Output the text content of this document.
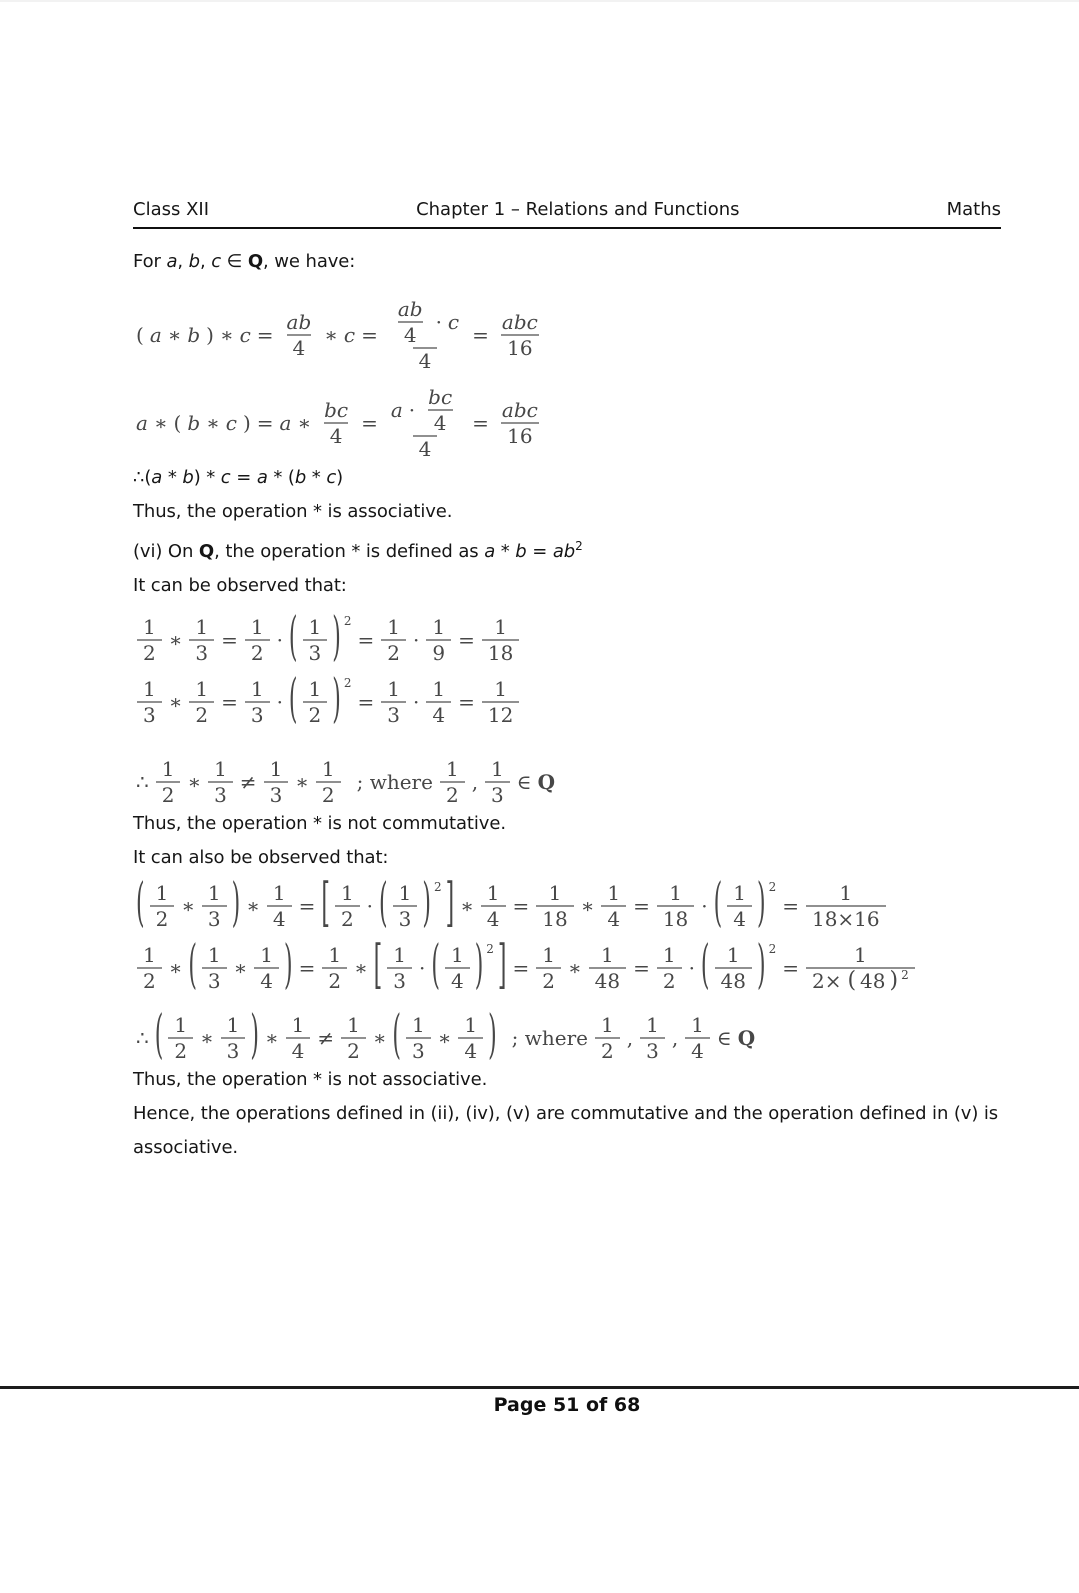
Class XII	Chapter 1 – Relations and Functions	Maths

For a, b, c ∈ Q, we have:

( a ∗ b ) ∗ $c = \frac{ab}{4}$ ∗ $c = \frac{\frac{ab}{4} \cdot c}{4} = \frac{\text{abc}}{16}$
a ∗ ( b ∗ c ) = a ∗ $\frac{bc}{4} = \frac{a \cdot \frac{bc}{4}}{4} = \frac{\text{abc}}{16}$

∴(a * b) * c = a * (b * c)

Thus, the operation * is associative.

(vi) On Q, the operation * is defined as $a * b = ab^2$

It can be observed that:

$\frac{1}{2}$ ∗ $\frac{1}{3} = \frac{1}{2}$ · ( $\frac{1}{3}$ ) 2
= $\frac{1}{2} \cdot \frac{1}{9} = \frac{1}{18}$
$\frac{1}{3}$ ∗ $\frac{1}{2} = \frac{1}{3}$ · ( $\frac{1}{2}$ ) 2
= $\frac{1}{3} \cdot \frac{1}{4} = \frac{1}{12}$
∴ $\frac{1}{2}$ ∗ $\frac{1}{3} \ne \frac{1}{3}$ ∗ $\frac{1}{2}$ ; where $\frac{1}{2}$ , $\frac{1}{3}$ ∈ Q

Thus, the operation * is not commutative.

It can also be observed that:

( $\frac{1}{2}$ ∗ $\frac{1}{3}$ ) ∗ $\frac{1}{4}$ = [ $\frac{1}{2}$ · ( $\frac{1}{3}$ ) 2 ] ∗ $\frac{1}{4} = \frac{1}{18}$ ∗ $\frac{1}{4} = \frac{1}{18}$ · ( $\frac{1}{4}$ ) 2
= $\frac{1}{18\times 16}$
$\frac{1}{2}$ ∗ ( $\frac{1}{3}$ ∗ $\frac{1}{4}$ ) = $\frac{1}{2}$ ∗ [ $\frac{1}{3}$ · ( $\frac{1}{4}$ ) 2 ] = $\frac{1}{2}$ ∗ $\frac{1}{48} = \frac{1}{2}$ · ( $\frac{1}{48}$ ) 2
= $\frac{1}{2\times ( 48 ) 2}$
∴ ( $\frac{1}{2}$ ∗ $\frac{1}{3}$ ) ∗ $\frac{1}{4} \ne \frac{1}{2}$ ∗ ( $\frac{1}{3}$ ∗ $\frac{1}{4}$ ) ; where $\frac{1}{2}$ , $\frac{1}{3}$ , $\frac{1}{4}$ ∈ Q

Thus, the operation * is not associative.

Hence, the operations defined in (ii), (iv), (v) are commutative and the operation defined in (v) is associative.

Page 51 of 68
